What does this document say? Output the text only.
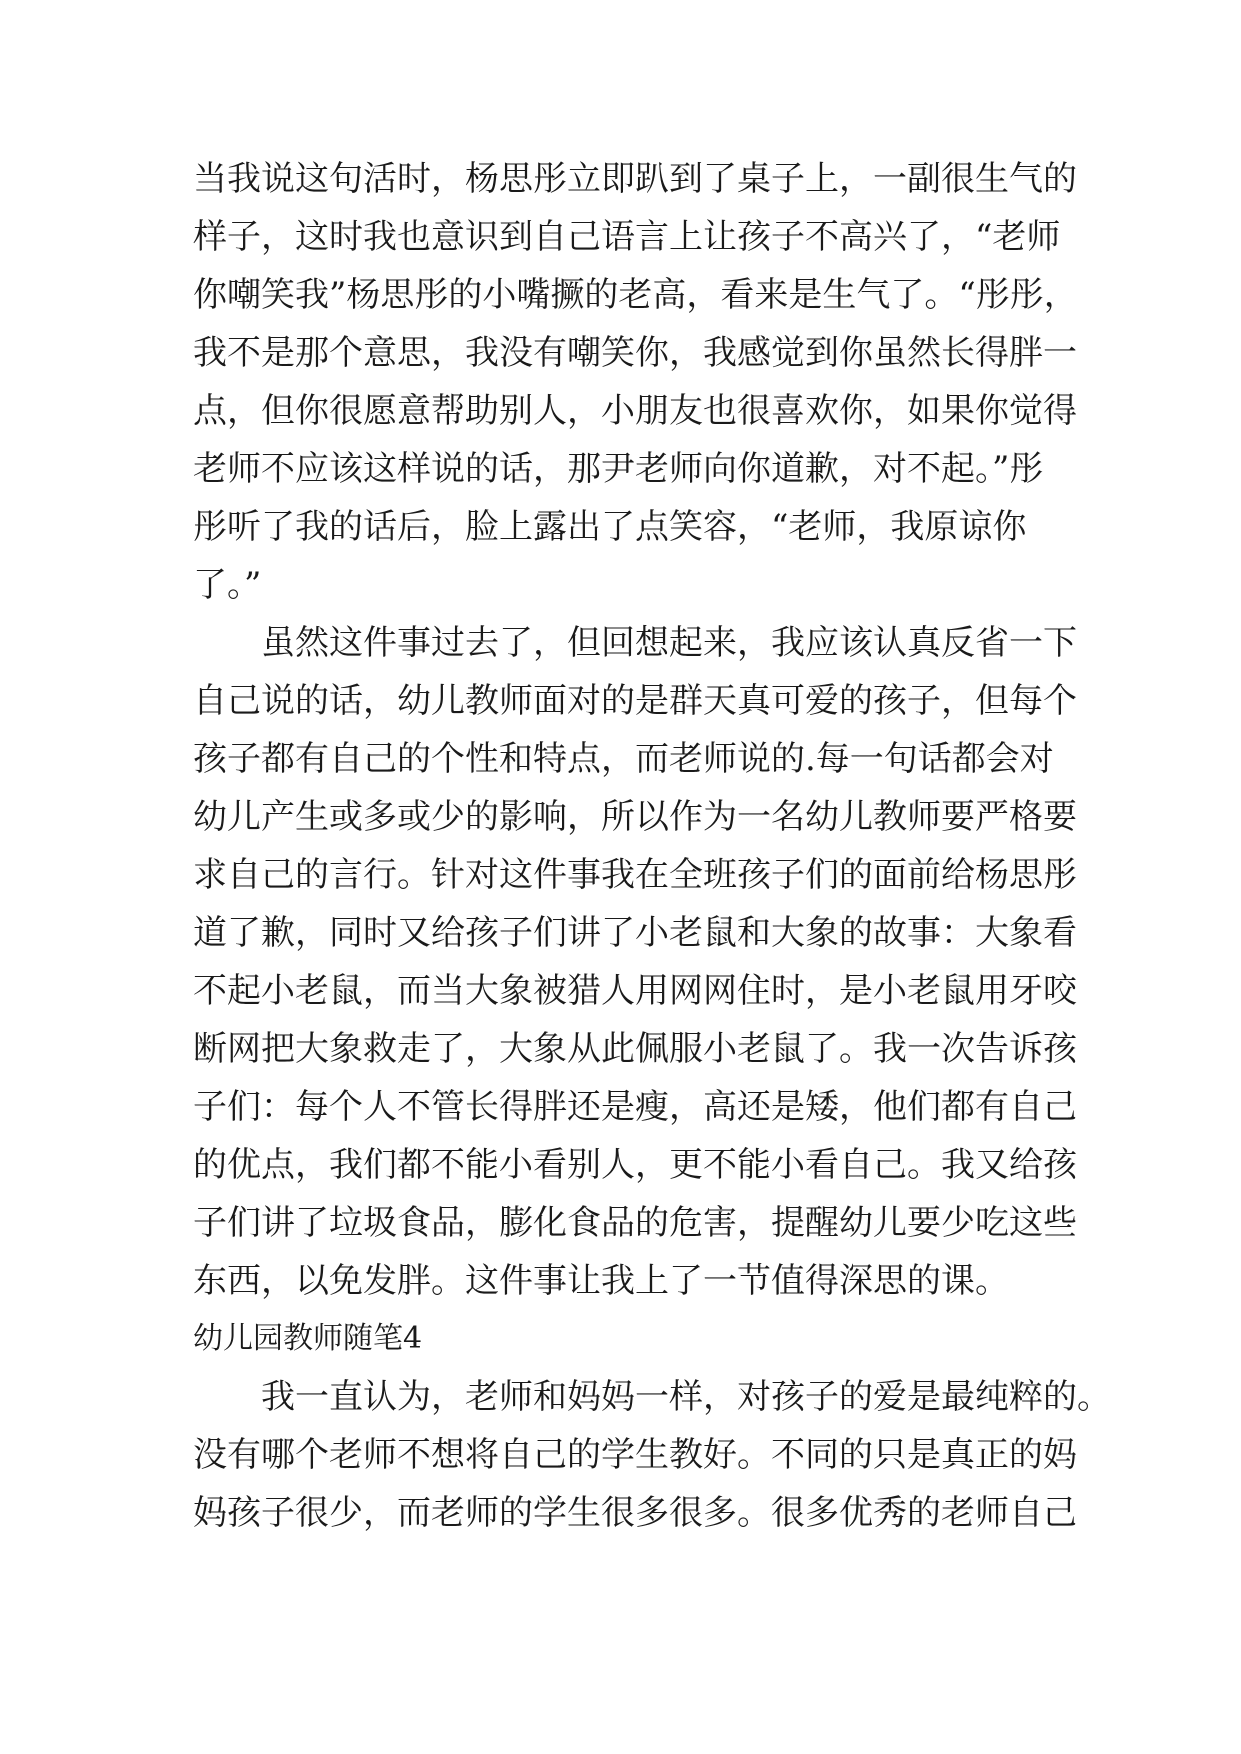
当我说这句活时，杨思彤立即趴到了桌子上，一副很生气的
样子，这时我也意识到自己语言上让孩子不高兴了，“老师
你嘲笑我”杨思彤的小嘴撅的老高，看来是生气了。“彤彤，
我不是那个意思，我没有嘲笑你，我感觉到你虽然长得胖一
点，但你很愿意帮助别人，小朋友也很喜欢你，如果你觉得
老师不应该这样说的话，那尹老师向你道歉，对不起。”彤
彤听了我的话后，脸上露出了点笑容，“老师，我原谅你
了。”
虽然这件事过去了，但回想起来，我应该认真反省一下
自己说的话，幼儿教师面对的是群天真可爱的孩子，但每个
孩子都有自己的个性和特点，而老师说的.每一句话都会对
幼儿产生或多或少的影响，所以作为一名幼儿教师要严格要
求自己的言行。针对这件事我在全班孩子们的面前给杨思彤
道了歉，同时又给孩子们讲了小老鼠和大象的故事：大象看
不起小老鼠，而当大象被猎人用网网住时，是小老鼠用牙咬
断网把大象救走了，大象从此佩服小老鼠了。我一次告诉孩
子们：每个人不管长得胖还是瘦，高还是矮，他们都有自己
的优点，我们都不能小看别人，更不能小看自己。我又给孩
子们讲了垃圾食品，膨化食品的危害，提醒幼儿要少吃这些
东西，以免发胖。这件事让我上了一节值得深思的课。
幼儿园教师随笔4
我一直认为，老师和妈妈一样，对孩子的爱是最纯粹的。
没有哪个老师不想将自己的学生教好。不同的只是真正的妈
妈孩子很少，而老师的学生很多很多。很多优秀的老师自己
